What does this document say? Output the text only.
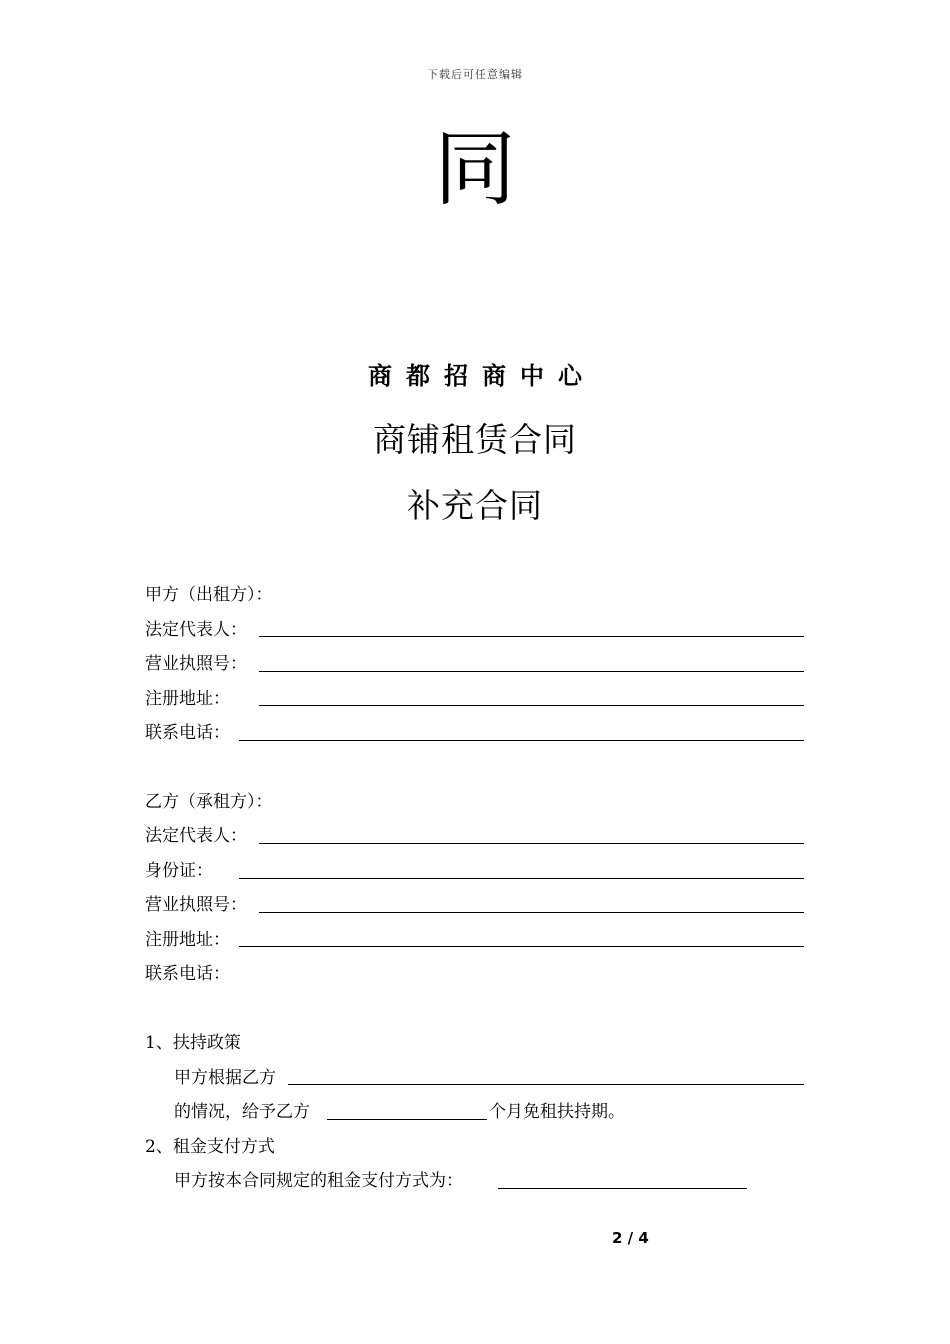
下载后可任意编辑
同
商都招商中心
商铺租赁合同
补充合同
甲方（出租方）：
法定代表人：
营业执照号：
注册地址：
联系电话：
乙方（承租方）：
法定代表人：
身份证：
营业执照号：
注册地址：
联系电话：
1、扶持政策
甲方根据乙方
的情况，给予乙方	个月免租扶持期。
2、租金支付方式
甲方按本合同规定的租金支付方式为：
2 / 4
